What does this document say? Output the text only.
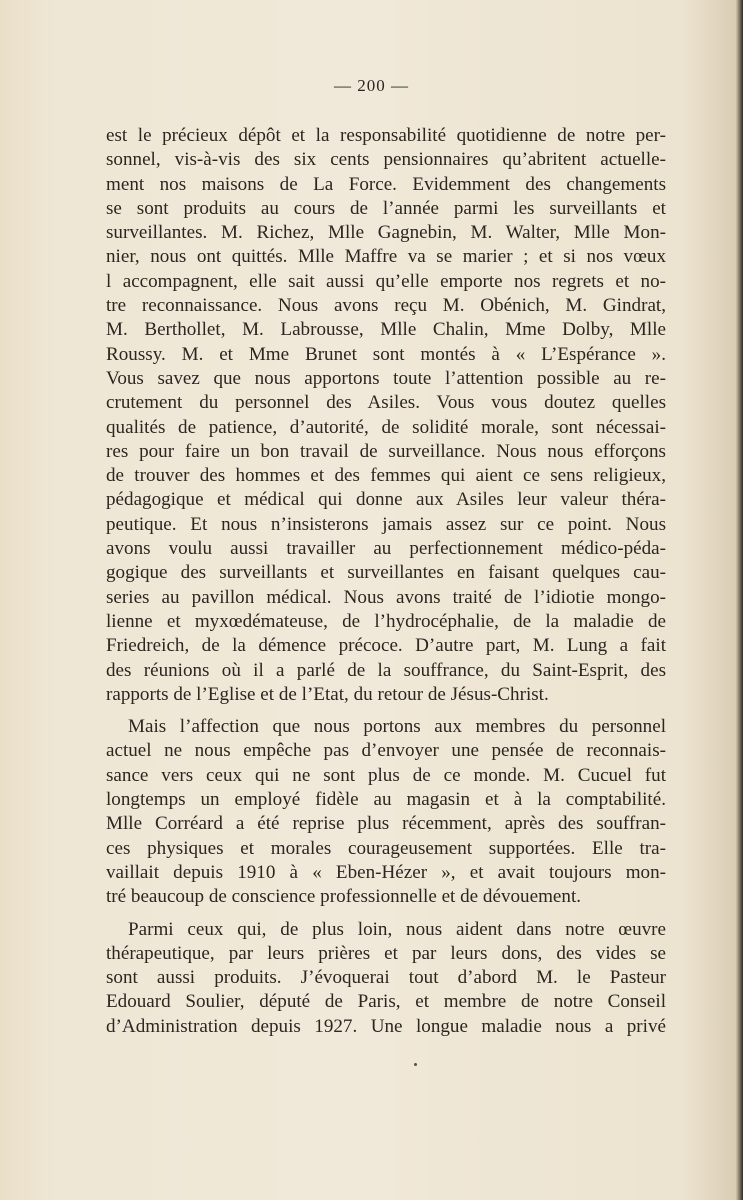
— 200 —
est le précieux dépôt et la responsabilité quotidienne de notre per-
sonnel, vis-à-vis des six cents pensionnaires qu’abritent actuelle-
ment nos maisons de La Force. Evidemment des changements
se sont produits au cours de l’année parmi les surveillants et
surveillantes. M. Richez, Mlle Gagnebin, M. Walter, Mlle Mon-
nier, nous ont quittés. Mlle Maffre va se marier ; et si nos vœux
l accompagnent, elle sait aussi qu’elle emporte nos regrets et no-
tre reconnaissance. Nous avons reçu M. Obénich, M. Gindrat,
M. Berthollet, M. Labrousse, Mlle Chalin, Mme Dolby, Mlle
Roussy. M. et Mme Brunet sont montés à « L’Espérance ».
Vous savez que nous apportons toute l’attention possible au re-
crutement du personnel des Asiles. Vous vous doutez quelles
qualités de patience, d’autorité, de solidité morale, sont nécessai-
res pour faire un bon travail de surveillance. Nous nous efforçons
de trouver des hommes et des femmes qui aient ce sens religieux,
pédagogique et médical qui donne aux Asiles leur valeur théra-
peutique. Et nous n’insisterons jamais assez sur ce point. Nous
avons voulu aussi travailler au perfectionnement médico-péda-
gogique des surveillants et surveillantes en faisant quelques cau-
series au pavillon médical. Nous avons traité de l’idiotie mongo-
lienne et myxœdémateuse, de l’hydrocéphalie, de la maladie de
Friedreich, de la démence précoce. D’autre part, M. Lung a fait
des réunions où il a parlé de la souffrance, du Saint-Esprit, des
rapports de l’Eglise et de l’Etat, du retour de Jésus-Christ.
Mais l’affection que nous portons aux membres du personnel
actuel ne nous empêche pas d’envoyer une pensée de reconnais-
sance vers ceux qui ne sont plus de ce monde. M. Cucuel fut
longtemps un employé fidèle au magasin et à la comptabilité.
Mlle Corréard a été reprise plus récemment, après des souffran-
ces physiques et morales courageusement supportées. Elle tra-
vaillait depuis 1910 à « Eben-Hézer », et avait toujours mon-
tré beaucoup de conscience professionnelle et de dévouement.
Parmi ceux qui, de plus loin, nous aident dans notre œuvre
thérapeutique, par leurs prières et par leurs dons, des vides se
sont aussi produits. J’évoquerai tout d’abord M. le Pasteur
Edouard Soulier, député de Paris, et membre de notre Conseil
d’Administration depuis 1927. Une longue maladie nous a privé
